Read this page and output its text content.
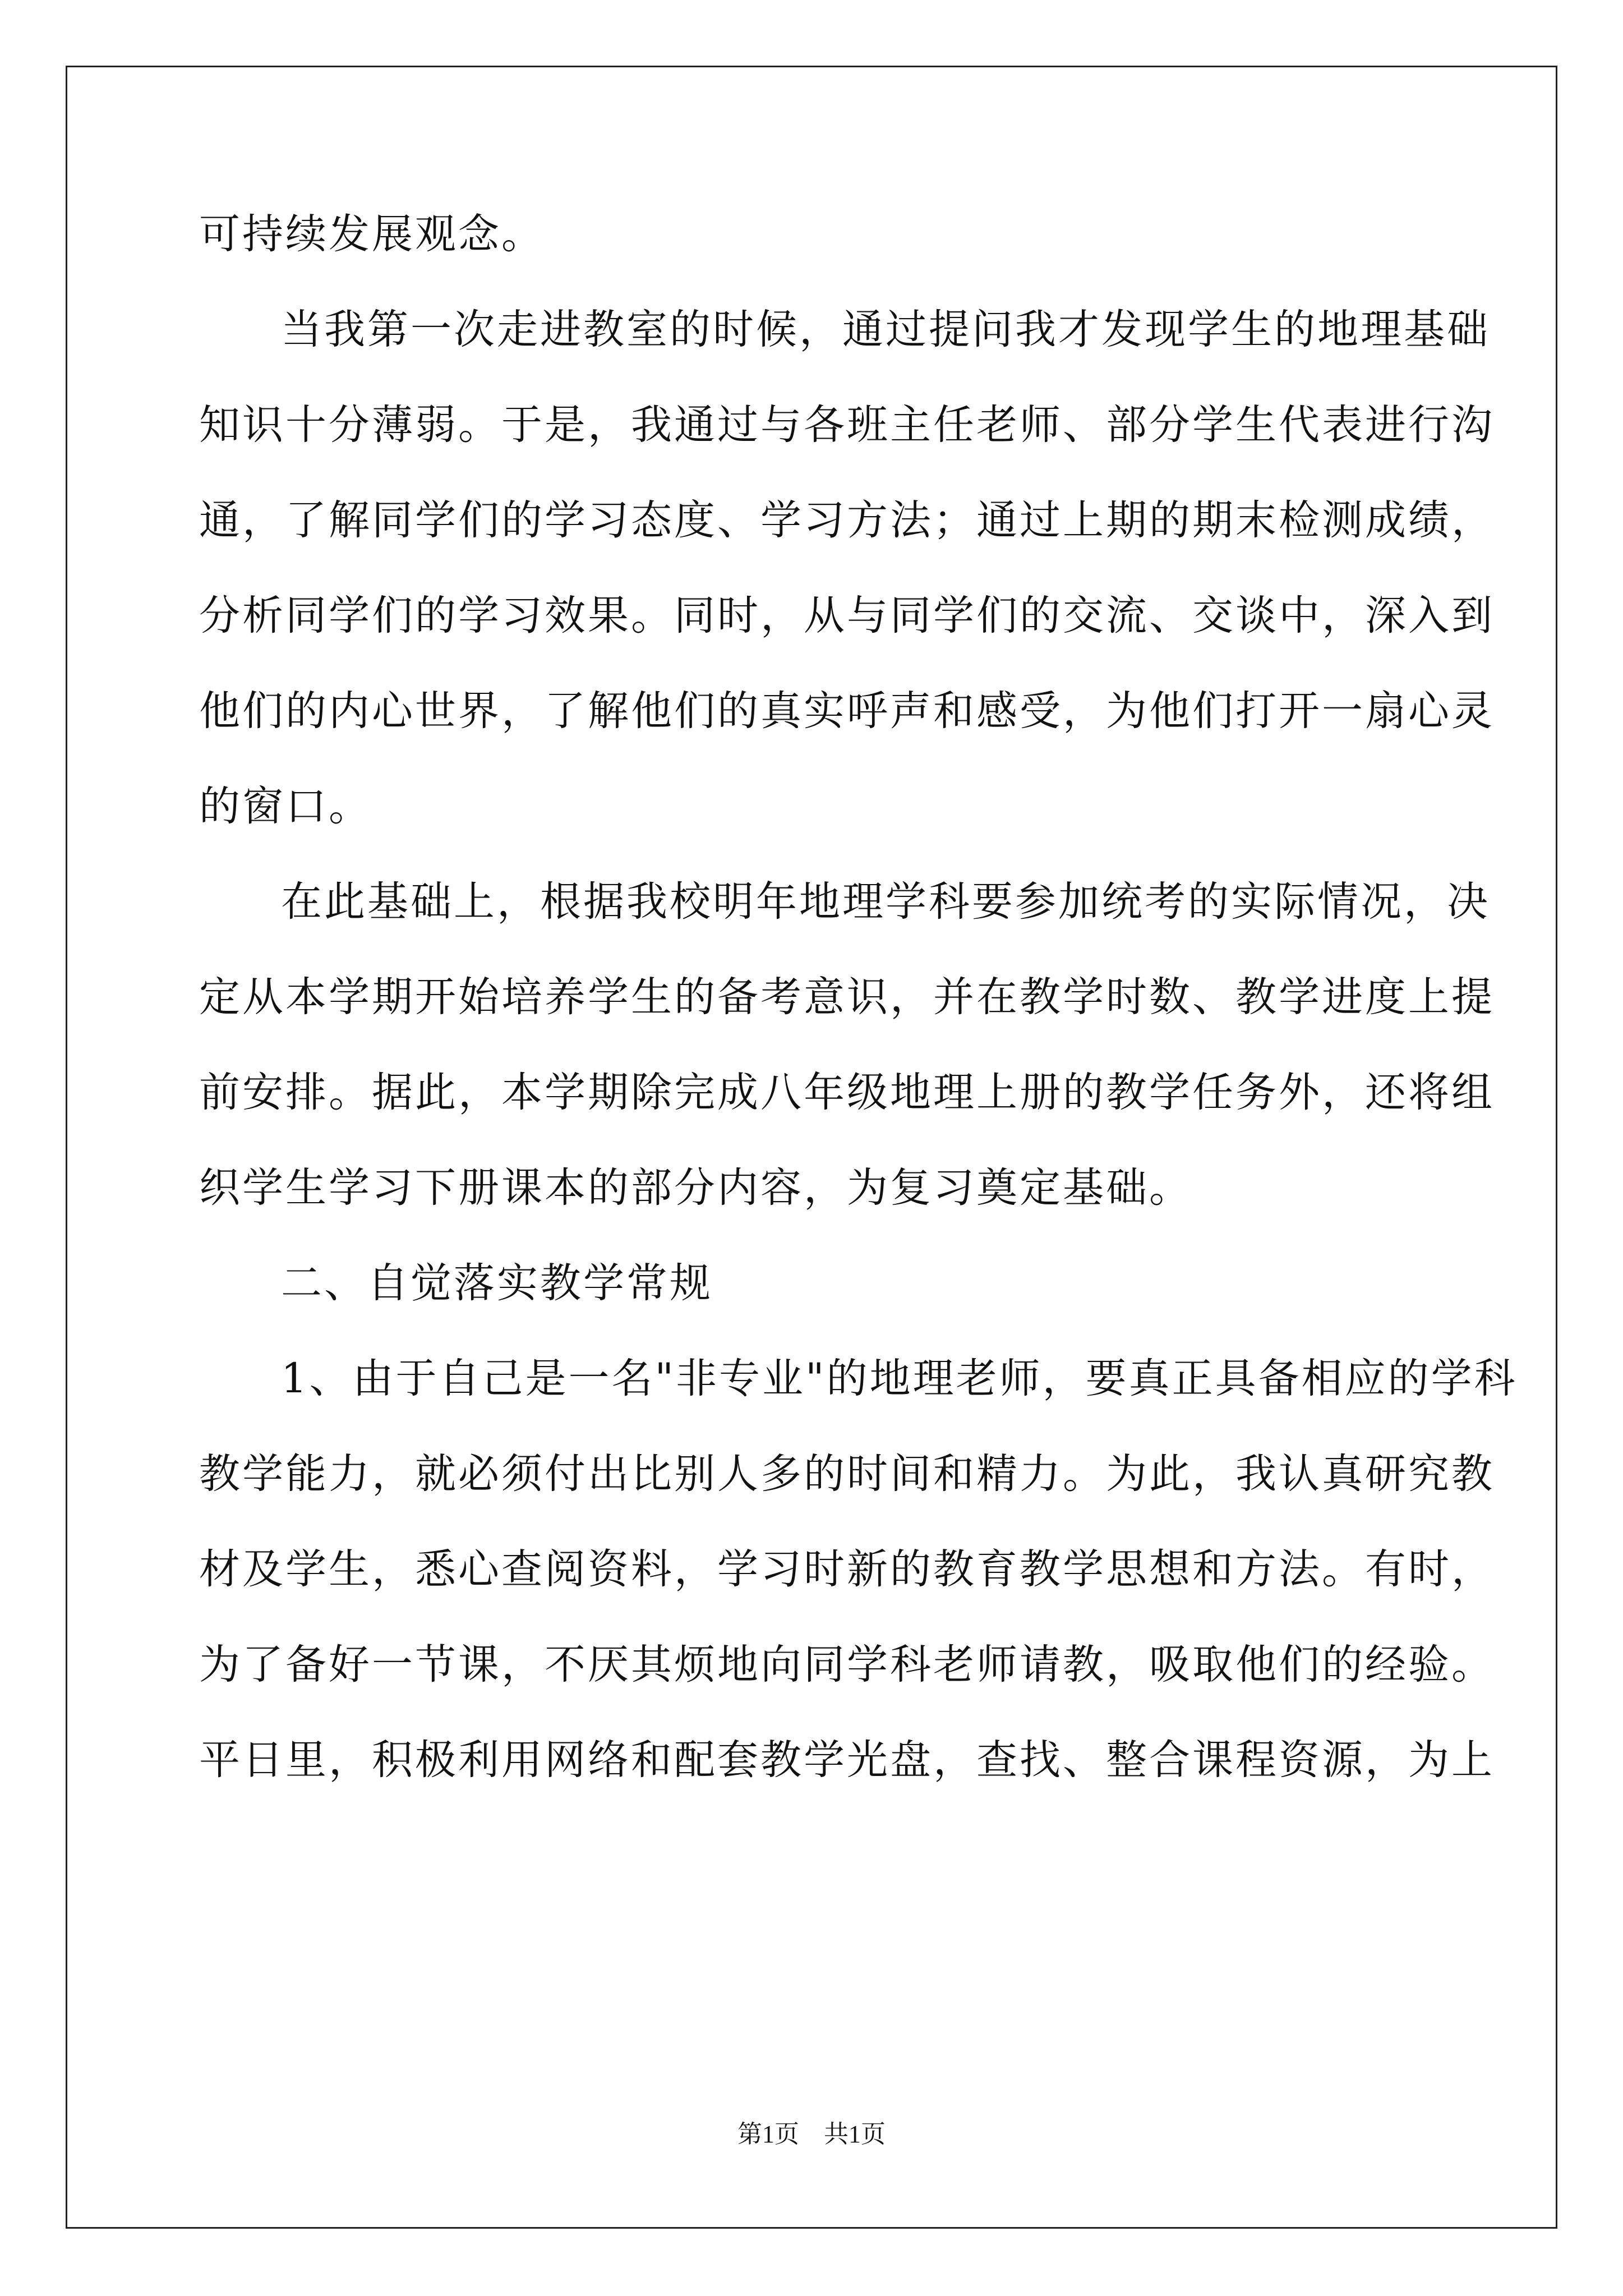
可持续发展观念。
当我第一次走进教室的时候，通过提问我才发现学生的地理基础
知识十分薄弱。于是，我通过与各班主任老师、部分学生代表进行沟
通，了解同学们的学习态度、学习方法；通过上期的期末检测成绩，
分析同学们的学习效果。同时，从与同学们的交流、交谈中，深入到
他们的内心世界，了解他们的真实呼声和感受，为他们打开一扇心灵
的窗口。
在此基础上，根据我校明年地理学科要参加统考的实际情况，决
定从本学期开始培养学生的备考意识，并在教学时数、教学进度上提
前安排。据此，本学期除完成八年级地理上册的教学任务外，还将组
织学生学习下册课本的部分内容，为复习奠定基础。
二、自觉落实教学常规
1、由于自己是一名"非专业"的地理老师，要真正具备相应的学科
教学能力，就必须付出比别人多的时间和精力。为此，我认真研究教
材及学生，悉心查阅资料，学习时新的教育教学思想和方法。有时，
为了备好一节课，不厌其烦地向同学科老师请教，吸取他们的经验。
平日里，积极利用网络和配套教学光盘，查找、整合课程资源，为上
第1页　共1页
